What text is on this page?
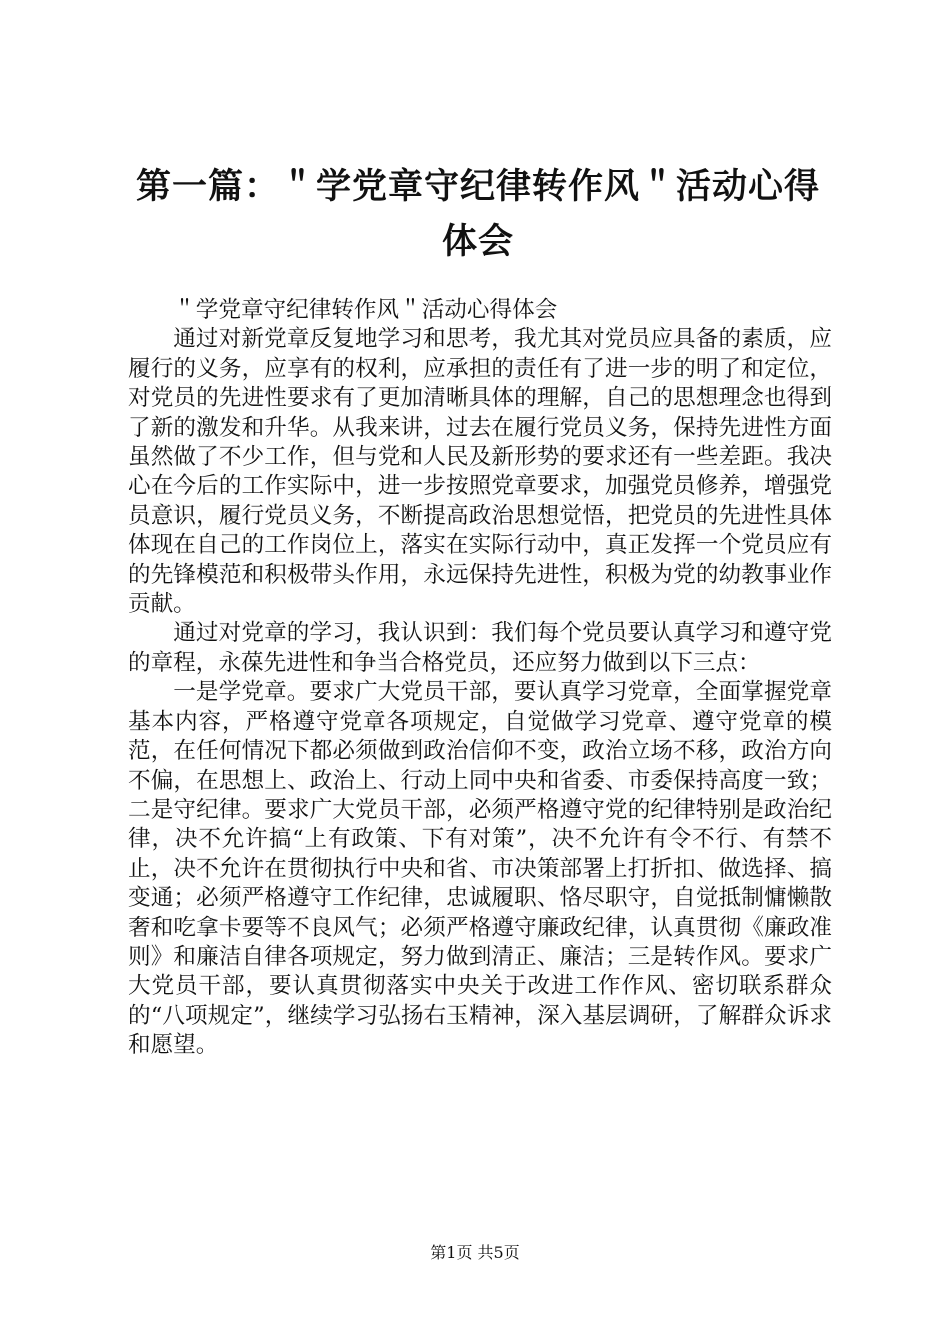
第一篇：＂学党章守纪律转作风＂活动心得体会

＂学党章守纪律转作风＂活动心得体会

通过对新党章反复地学习和思考，我尤其对党员应具备的素质，应履行的义务，应享有的权利，应承担的责任有了进一步的明了和定位，对党员的先进性要求有了更加清晰具体的理解，自己的思想理念也得到了新的激发和升华。从我来讲，过去在履行党员义务，保持先进性方面虽然做了不少工作，但与党和人民及新形势的要求还有一些差距。我决心在今后的工作实际中，进一步按照党章要求，加强党员修养，增强党员意识，履行党员义务，不断提高政治思想觉悟，把党员的先进性具体体现在自己的工作岗位上，落实在实际行动中，真正发挥一个党员应有的先锋模范和积极带头作用，永远保持先进性，积极为党的幼教事业作贡献。

通过对党章的学习，我认识到：我们每个党员要认真学习和遵守党的章程，永葆先进性和争当合格党员，还应努力做到以下三点：

一是学党章。要求广大党员干部，要认真学习党章，全面掌握党章基本内容，严格遵守党章各项规定，自觉做学习党章、遵守党章的模范，在任何情况下都必须做到政治信仰不变，政治立场不移，政治方向不偏，在思想上、政治上、行动上同中央和省委、市委保持高度一致；二是守纪律。要求广大党员干部，必须严格遵守党的纪律特别是政治纪律，决不允许搞“上有政策、下有对策”，决不允许有令不行、有禁不止，决不允许在贯彻执行中央和省、市决策部署上打折扣、做选择、搞变通；必须严格遵守工作纪律，忠诚履职、恪尽职守，自觉抵制慵懒散奢和吃拿卡要等不良风气；必须严格遵守廉政纪律，认真贯彻《廉政准则》和廉洁自律各项规定，努力做到清正、廉洁；三是转作风。要求广大党员干部，要认真贯彻落实中央关于改进工作作风、密切联系群众的“八项规定”，继续学习弘扬右玉精神，深入基层调研，了解群众诉求和愿望。

第1页 共5页
